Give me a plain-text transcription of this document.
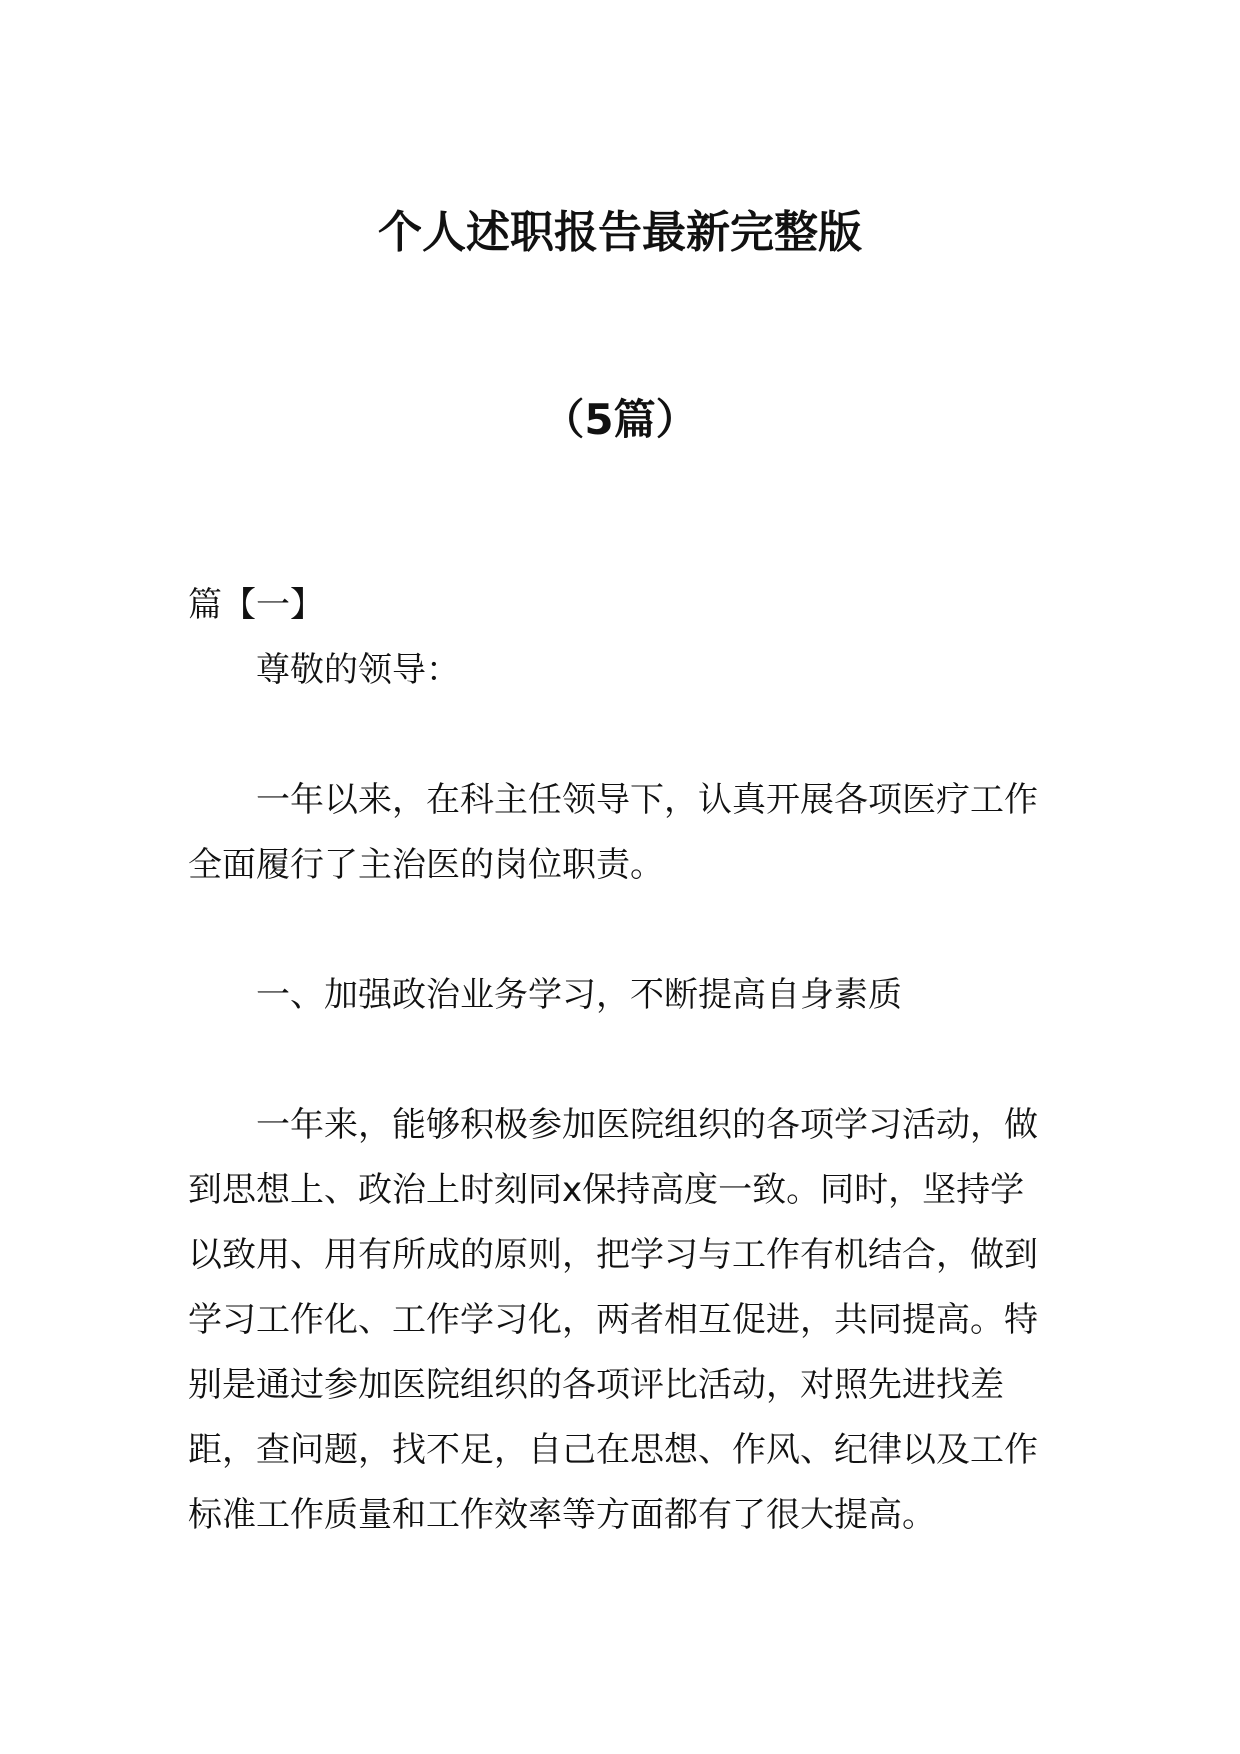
个人述职报告最新完整版
（5篇）

篇【一】

尊敬的领导：

一年以来，在科主任领导下，认真开展各项医疗工作全面履行了主治医的岗位职责。

一、加强政治业务学习，不断提高自身素质

一年来，能够积极参加医院组织的各项学习活动，做到思想上、政治上时刻同x保持高度一致。同时，坚持学以致用、用有所成的原则，把学习与工作有机结合，做到学习工作化、工作学习化，两者相互促进，共同提高。特别是通过参加医院组织的各项评比活动，对照先进找差距，查问题，找不足，自己在思想、作风、纪律以及工作标准工作质量和工作效率等方面都有了很大提高。
